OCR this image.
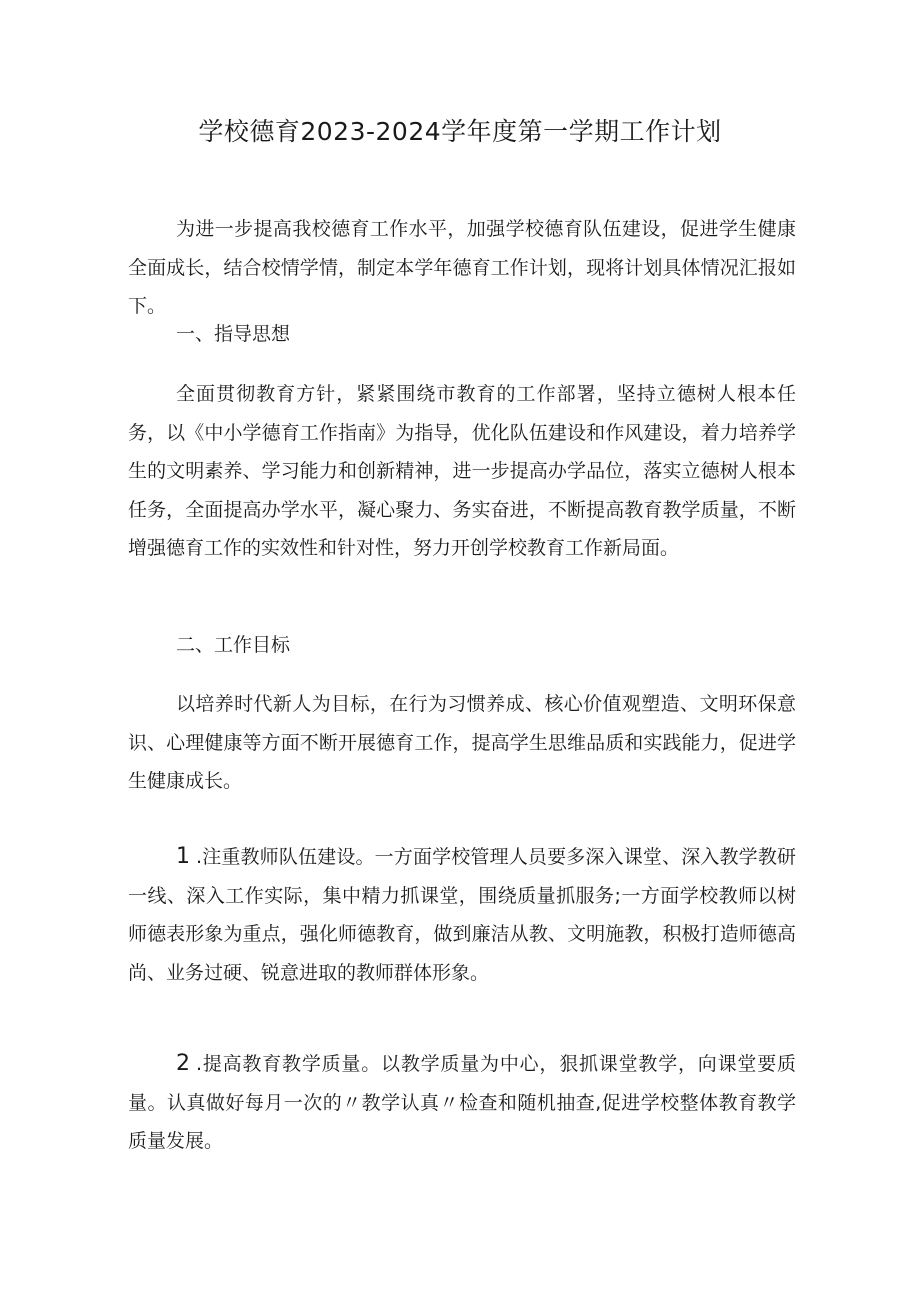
学校德育2023-2024学年度第一学期工作计划

为进一步提高我校德育工作水平，加强学校德育队伍建设，促进学生健康全面成长，结合校情学情，制定本学年德育工作计划，现将计划具体情况汇报如下。

一、指导思想

全面贯彻教育方针，紧紧围绕市教育的工作部署，坚持立德树人根本任务，以《中小学德育工作指南》为指导，优化队伍建设和作风建设，着力培养学生的文明素养、学习能力和创新精神，进一步提高办学品位，落实立德树人根本任务，全面提高办学水平，凝心聚力、务实奋进，不断提高教育教学质量，不断增强德育工作的实效性和针对性，努力开创学校教育工作新局面。

二、工作目标

以培养时代新人为目标，在行为习惯养成、核心价值观塑造、文明环保意识、心理健康等方面不断开展德育工作，提高学生思维品质和实践能力，促进学生健康成长。

1 .注重教师队伍建设。一方面学校管理人员要多深入课堂、深入教学教研一线、深入工作实际，集中精力抓课堂，围绕质量抓服务;一方面学校教师以树师德表形象为重点，强化师德教育，做到廉洁从教、文明施教，积极打造师德高尚、业务过硬、锐意进取的教师群体形象。

2 .提高教育教学质量。以教学质量为中心，狠抓课堂教学，向课堂要质量。认真做好每月一次的〃教学认真〃检查和随机抽查,促进学校整体教育教学质量发展。
